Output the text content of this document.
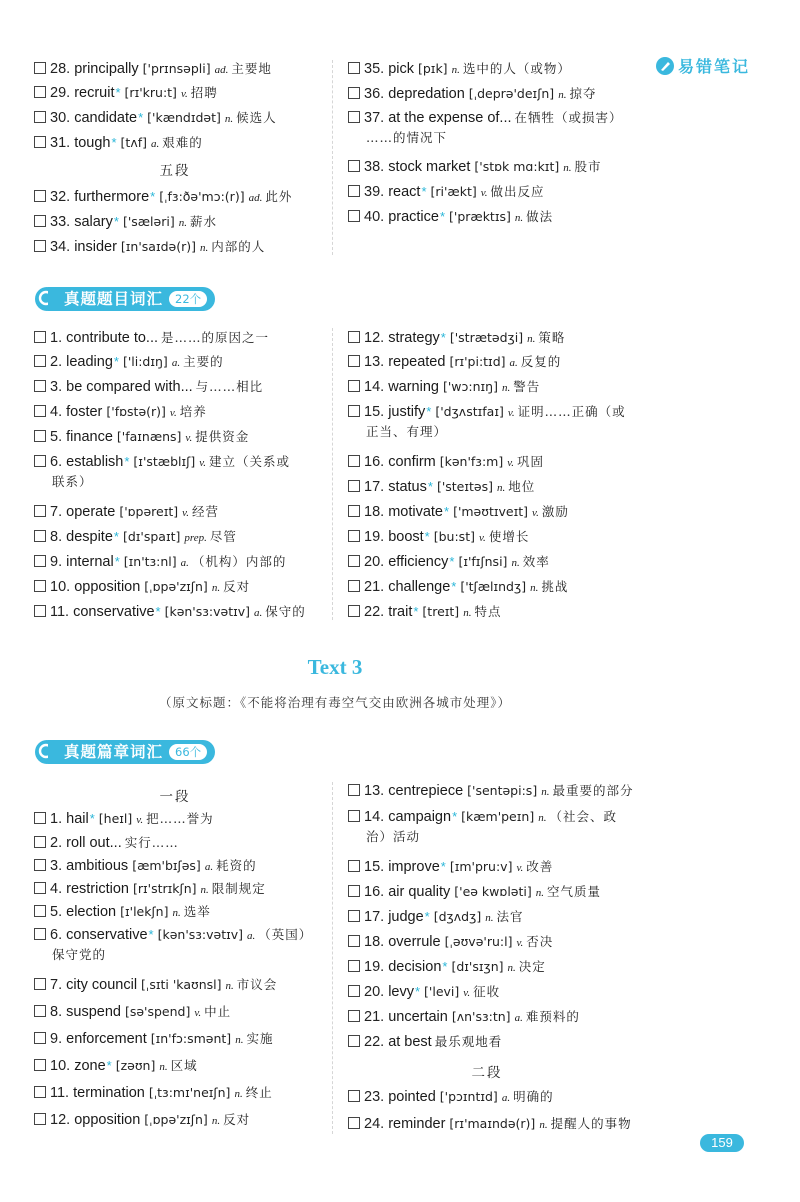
易错笔记
28. principally ['prɪnsəpli] ad. 主要地
29. recruit* [rɪ'kru:t] v. 招聘
30. candidate* ['kændɪdət] n. 候选人
31. tough* [tʌf] a. 艰难的
32. furthermore* [ˌfɜ:ðə'mɔ:(r)] ad. 此外
33. salary* ['sæləri] n. 薪水
34. insider [ɪn'saɪdə(r)] n. 内部的人
35. pick [pɪk] n. 选中的人（或物）
36. depredation [ˌdeprə'deɪʃn] n. 掠夺
37. at the expense of... 在牺牲（或损害）
……的情况下
38. stock market ['stɒk mɑ:kɪt] n. 股市
39. react* [ri'ækt] v. 做出反应
40. practice* ['præktɪs] n. 做法
五段
真题题目词汇	22个
1. contribute to... 是……的原因之一
2. leading* ['li:dɪŋ] a. 主要的
3. be compared with... 与……相比
4. foster ['fɒstə(r)] v. 培养
5. finance ['faɪnæns] v. 提供资金
6. establish* [ɪ'stæblɪʃ] v. 建立（关系或
联系）
7. operate ['ɒpəreɪt] v. 经营
8. despite* [dɪ'spaɪt] prep. 尽管
9. internal* [ɪn'tɜ:nl] a. （机构）内部的
10. opposition [ˌɒpə'zɪʃn] n. 反对
11. conservative* [kən'sɜ:vətɪv] a. 保守的
12. strategy* ['strætədʒi] n. 策略
13. repeated [rɪ'pi:tɪd] a. 反复的
14. warning ['wɔ:nɪŋ] n. 警告
15. justify* ['dʒʌstɪfaɪ] v. 证明……正确（或
正当、有理）
16. confirm [kən'fɜ:m] v. 巩固
17. status* ['steɪtəs] n. 地位
18. motivate* ['məʊtɪveɪt] v. 激励
19. boost* [bu:st] v. 使增长
20. efficiency* [ɪ'fɪʃnsi] n. 效率
21. challenge* ['tʃælɪndʒ] n. 挑战
22. trait* [treɪt] n. 特点
Text 3
（原文标题：《不能将治理有毒空气交由欧洲各城市处理》）
真题篇章词汇	66个
一段
1. hail* [heɪl] v. 把……誉为
2. roll out... 实行……
3. ambitious [æm'bɪʃəs] a. 耗资的
4. restriction [rɪ'strɪkʃn] n. 限制规定
5. election [ɪ'lekʃn] n. 选举
6. conservative* [kən'sɜ:vətɪv] a. （英国）
保守党的
7. city council [ˌsɪti 'kaʊnsl] n. 市议会
8. suspend [sə'spend] v. 中止
9. enforcement [ɪn'fɔ:smənt] n. 实施
10. zone* [zəʊn] n. 区域
11. termination [ˌtɜ:mɪ'neɪʃn] n. 终止
12. opposition [ˌɒpə'zɪʃn] n. 反对
13. centrepiece ['sentəpi:s] n. 最重要的部分
14. campaign* [kæm'peɪn] n. （社会、政
治）活动
15. improve* [ɪm'pru:v] v. 改善
16. air quality ['eə kwɒləti] n. 空气质量
17. judge* [dʒʌdʒ] n. 法官
18. overrule [ˌəʊvə'ru:l] v. 否决
19. decision* [dɪ'sɪʒn] n. 决定
20. levy* ['levi] v. 征收
21. uncertain [ʌn'sɜ:tn] a. 难预料的
22. at best 最乐观地看
23. pointed ['pɔɪntɪd] a. 明确的
24. reminder [rɪ'maɪndə(r)] n. 提醒人的事物
二段
159
